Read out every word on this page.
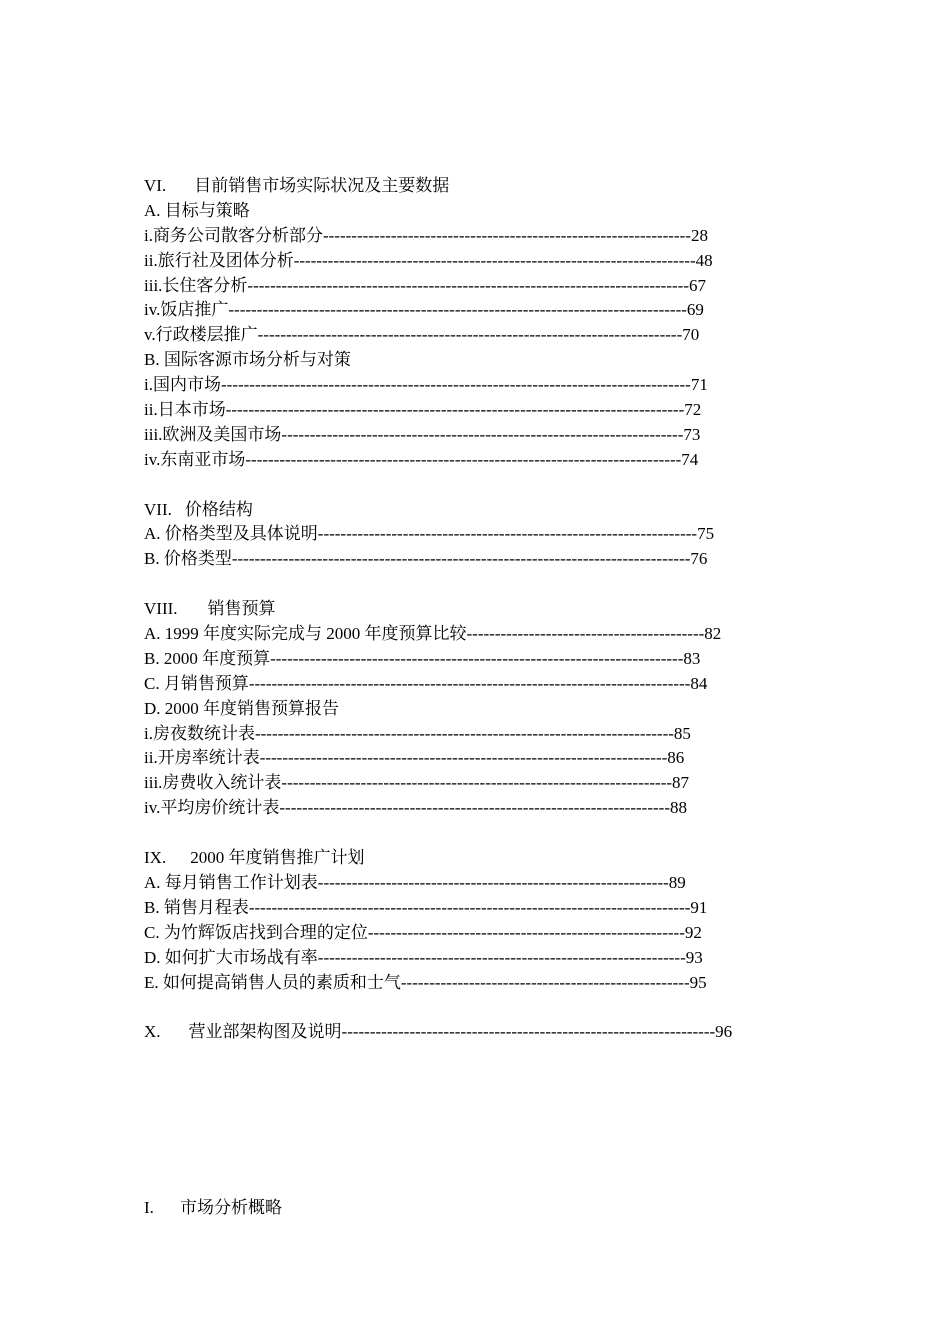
VI. 目前销售市场实际状况及主要数据
A. 目标与策略
i.商务公司散客分析部分-----------------------------------------------------------------28
ii.旅行社及团体分析-----------------------------------------------------------------------48
iii.长住客分析------------------------------------------------------------------------------67
iv.饭店推广---------------------------------------------------------------------------------69
v.行政楼层推广---------------------------------------------------------------------------70
B. 国际客源市场分析与对策
i.国内市场-----------------------------------------------------------------------------------71
ii.日本市场---------------------------------------------------------------------------------72
iii.欧洲及美国市场-----------------------------------------------------------------------73
iv.东南亚市场-----------------------------------------------------------------------------74
VII. 价格结构
A. 价格类型及具体说明-------------------------------------------------------------------75
B. 价格类型---------------------------------------------------------------------------------76
VIII. 销售预算
A. 1999 年度实际完成与 2000 年度预算比较------------------------------------------82
B. 2000 年度预算-------------------------------------------------------------------------83
C. 月销售预算------------------------------------------------------------------------------84
D. 2000 年度销售预算报告
i.房夜数统计表--------------------------------------------------------------------------85
ii.开房率统计表------------------------------------------------------------------------86
iii.房费收入统计表---------------------------------------------------------------------87
iv.平均房价统计表---------------------------------------------------------------------88
IX. 2000 年度销售推广计划
A. 每月销售工作计划表--------------------------------------------------------------89
B. 销售月程表------------------------------------------------------------------------------91
C. 为竹辉饭店找到合理的定位--------------------------------------------------------92
D. 如何扩大市场战有率-----------------------------------------------------------------93
E. 如何提高销售人员的素质和士气---------------------------------------------------95
X. 营业部架构图及说明------------------------------------------------------------------96
I. 市场分析概略
